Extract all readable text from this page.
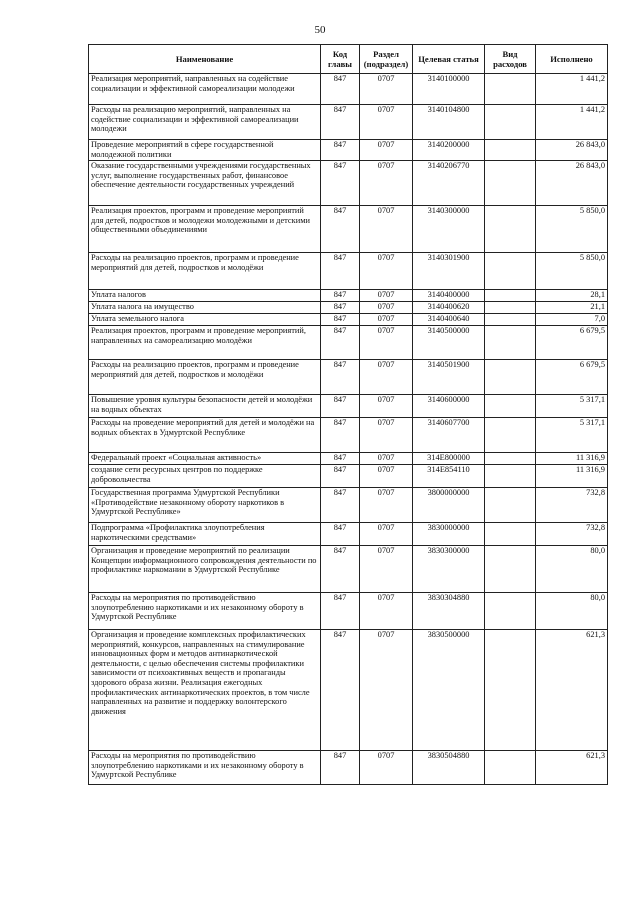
50
Наименование	Код главы	Раздел (подраздел)	Целевая статья	Вид расходов	Исполнено
Реализация мероприятий, направленных на содействие социализации и эффективной самореализации молодежи	847	0707	3140100000		1 441,2
Расходы на реализацию мероприятий, направленных на содействие социализации и эффективной самореализации молодежи	847	0707	3140104800		1 441,2
Проведение мероприятий в сфере государственной молодежной политики	847	0707	3140200000		26 843,0
Оказание государственными учреждениями государственных услуг, выполнение государственных работ, финансовое обеспечение деятельности государственных учреждений	847	0707	3140206770		26 843,0
Реализация проектов, программ и проведение мероприятий для детей, подростков и молодежи молодежными и детскими общественными объединениями	847	0707	3140300000		5 850,0
Расходы на реализацию проектов, программ и проведение мероприятий для детей, подростков и молодёжи	847	0707	3140301900		5 850,0
Уплата налогов	847	0707	3140400000		28,1
Уплата налога на имущество	847	0707	3140400620		21,1
Уплата земельного налога	847	0707	3140400640		7,0
Реализация проектов, программ и проведение мероприятий, направленных на самореализацию молодёжи	847	0707	3140500000		6 679,5
Расходы на реализацию проектов, программ и проведение мероприятий для детей, подростков и молодёжи	847	0707	3140501900		6 679,5
Повышение уровня культуры безопасности детей и молодёжи на водных объектах	847	0707	3140600000		5 317,1
Расходы на проведение мероприятий для детей и молодёжи на водных объектах в Удмуртской Республике	847	0707	3140607700		5 317,1
Федеральный проект «Социальная активность»	847	0707	314E800000		11 316,9
создание сети ресурсных центров по поддержке добровольчества	847	0707	314E854110		11 316,9
Государственная программа Удмуртской Республики «Противодействие незаконному обороту наркотиков в Удмуртской Республике»	847	0707	3800000000		732,8
Подпрограмма «Профилактика злоупотребления наркотическими средствами»	847	0707	3830000000		732,8
Организация и проведение мероприятий по реализации Концепции информационного сопровождения деятельности по профилактике наркомании в Удмуртской Республике	847	0707	3830300000		80,0
Расходы на мероприятия по противодействию злоупотреблению наркотиками и их незаконному обороту в Удмуртской Республике	847	0707	3830304880		80,0
Организация и проведение комплексных профилактических мероприятий, конкурсов, направленных на стимулирование инновационных форм и методов антинаркотической деятельности, с целью обеспечения системы профилактики зависимости от психоактивных веществ и пропаганды здорового образа жизни. Реализация ежегодных профилактических антинаркотических проектов, в том числе направленных на развитие и поддержку волонтерского движения	847	0707	3830500000		621,3
Расходы на мероприятия по противодействию злоупотреблению наркотиками и их незаконному обороту в Удмуртской Республике	847	0707	3830504880		621,3
